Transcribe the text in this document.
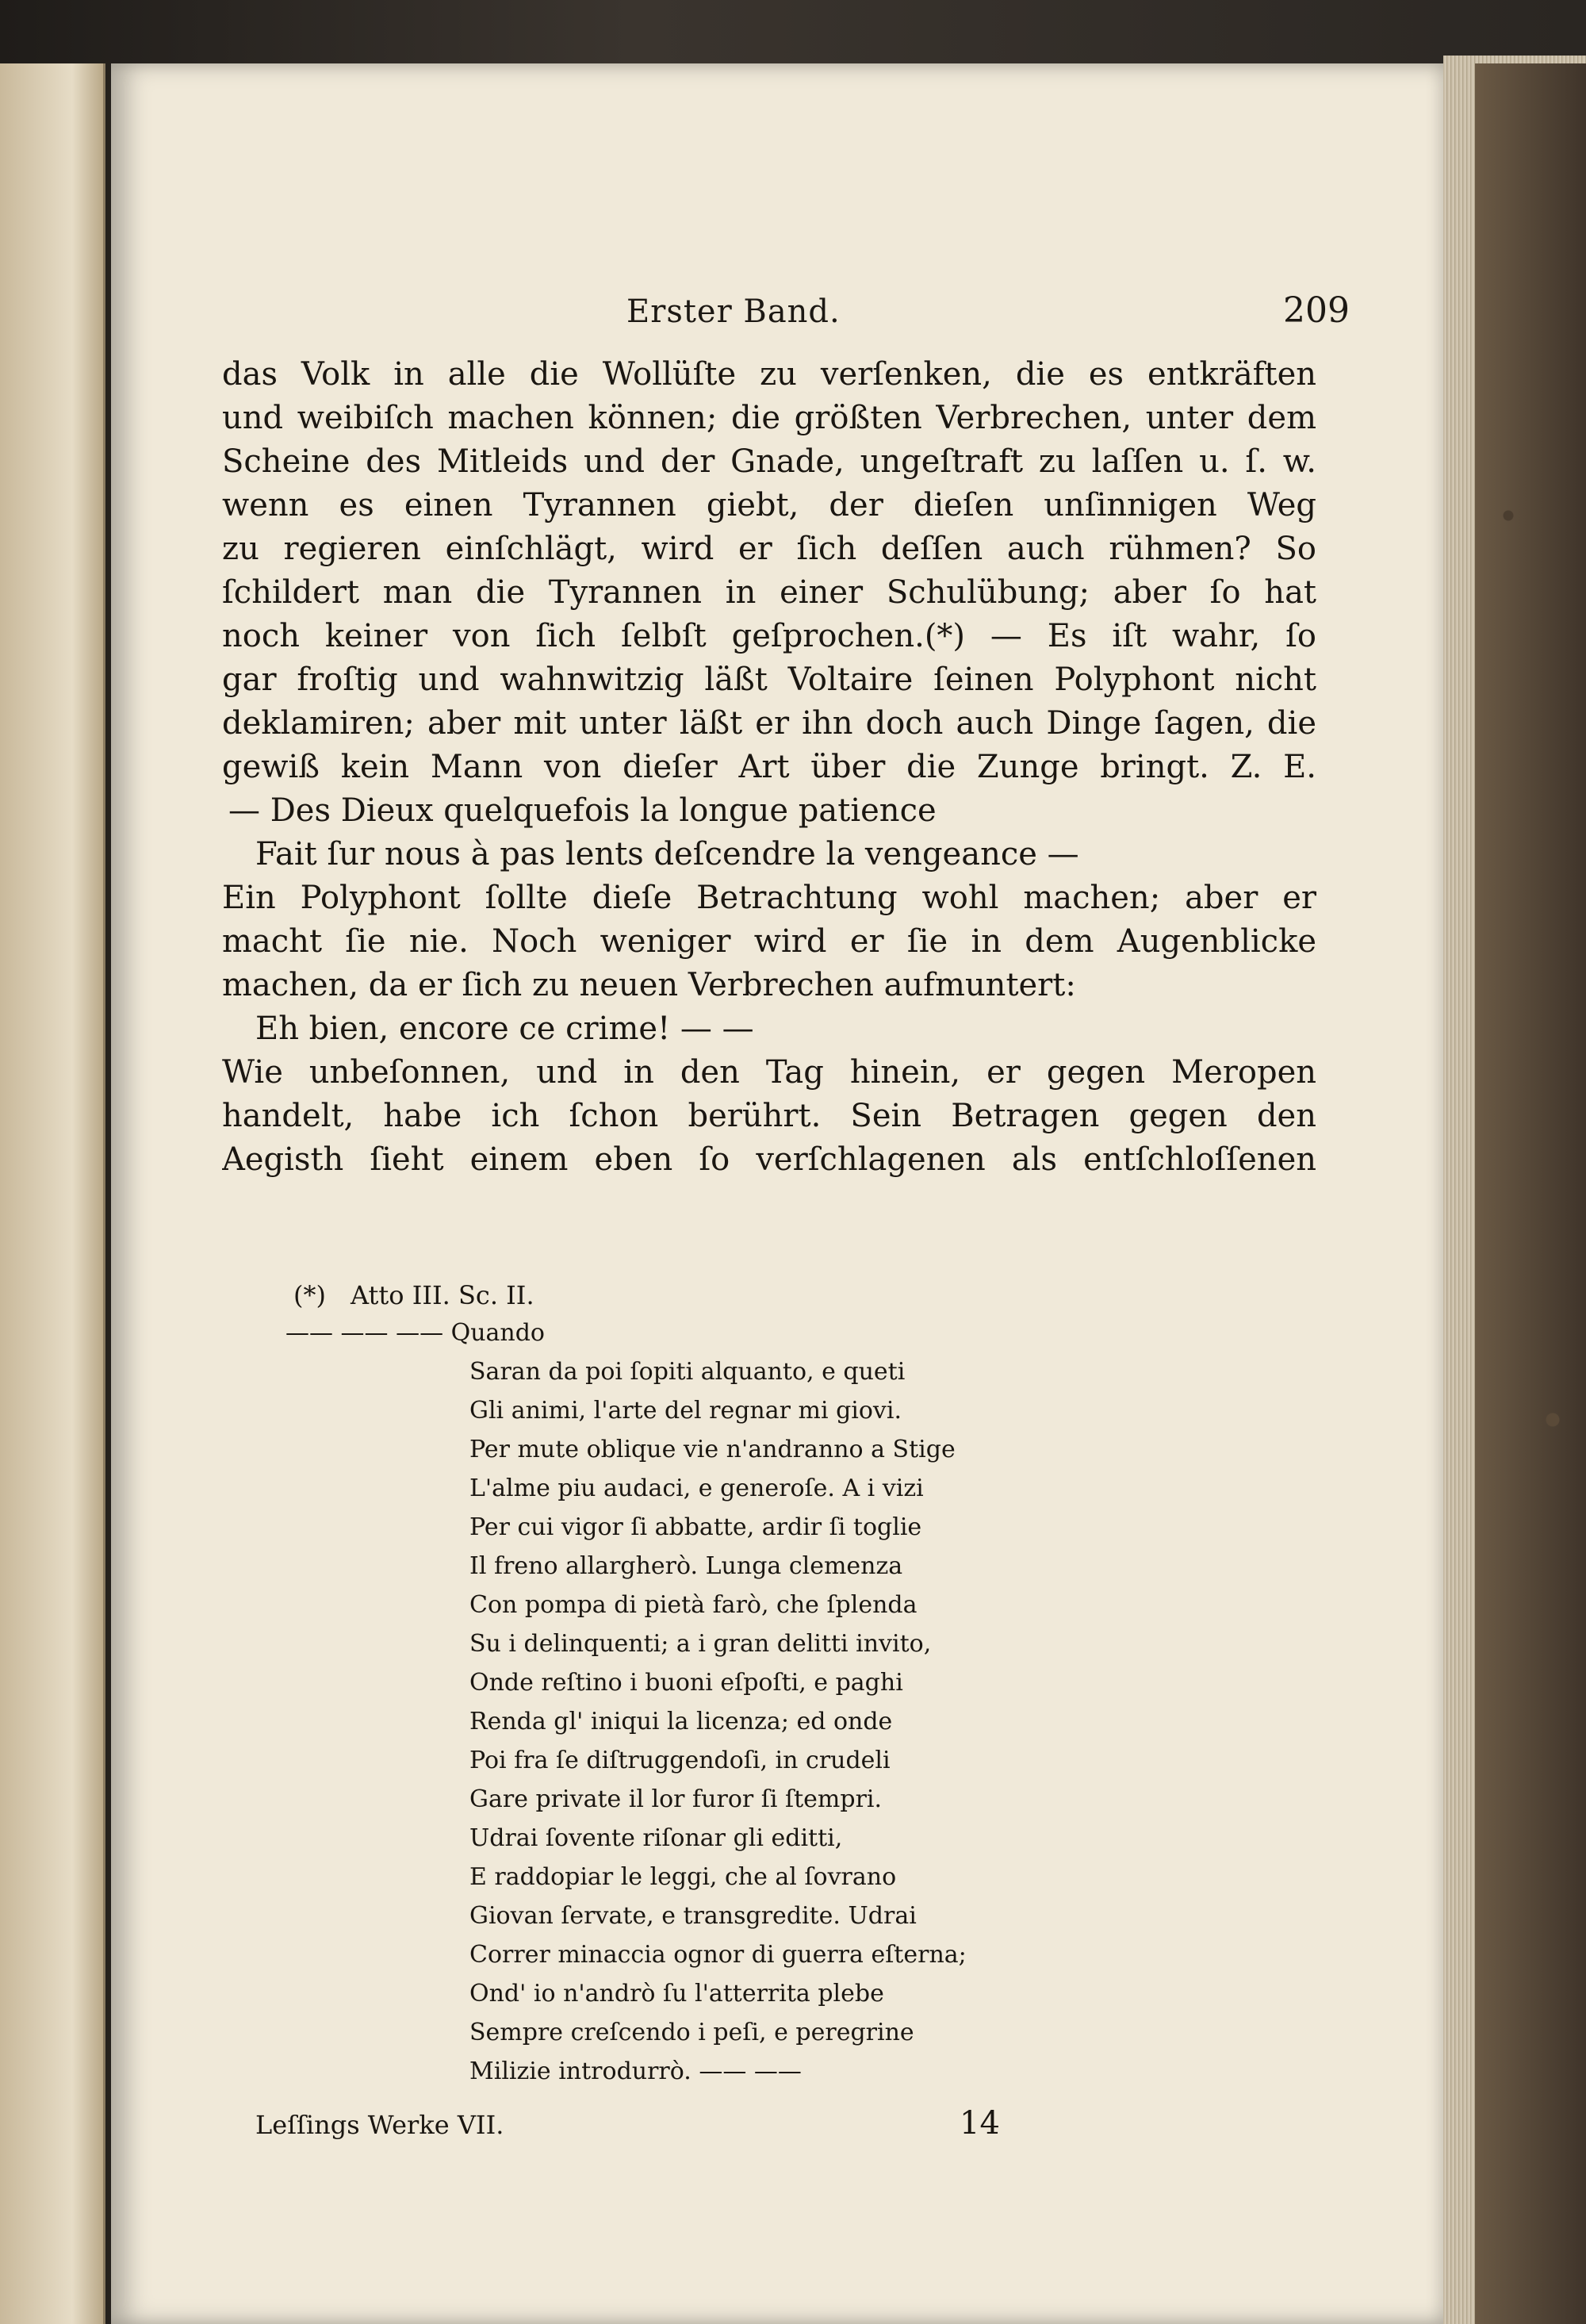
Erster Band.	209
das Volk in alle die Wollüſte zu verſenken, die es entkräften
und weibiſch machen können; die größten Verbrechen, unter dem
Scheine des Mitleids und der Gnade, ungeſtraft zu laſſen u. ſ. w.
wenn es einen Tyrannen giebt, der dieſen unſinnigen Weg
zu regieren einſchlägt, wird er ſich deſſen auch rühmen? So
ſchildert man die Tyrannen in einer Schulübung; aber ſo hat
noch keiner von ſich ſelbſt geſprochen.(*) — Es iſt wahr, ſo
gar froſtig und wahnwitzig läßt Voltaire ſeinen Polyphont nicht
deklamiren; aber mit unter läßt er ihn doch auch Dinge ſagen, die
gewiß kein Mann von dieſer Art über die Zunge bringt. Z. E.
— Des Dieux quelquefois la longue patience
Fait ſur nous à pas lents deſcendre la vengeance —
Ein Polyphont ſollte dieſe Betrachtung wohl machen; aber er
macht ſie nie. Noch weniger wird er ſie in dem Augenblicke
machen, da er ſich zu neuen Verbrechen aufmuntert:
Eh bien, encore ce crime! — —
Wie unbeſonnen, und in den Tag hinein, er gegen Meropen
handelt, habe ich ſchon berührt. Sein Betragen gegen den
Aegisth ſieht einem eben ſo verſchlagenen als entſchloſſenen
(*) Atto III. Sc. II.
—— —— —— Quando
Saran da poi ſopiti alquanto, e queti
Gli animi, l'arte del regnar mi giovi.
Per mute oblique vie n'andranno a Stige
L'alme piu audaci, e generoſe. A i vizi
Per cui vigor ſi abbatte, ardir ſi toglie
Il freno allargherò. Lunga clemenza
Con pompa di pietà farò, che ſplenda
Su i delinquenti; a i gran delitti invito,
Onde reſtino i buoni eſpoſti, e paghi
Renda gl' iniqui la licenza; ed onde
Poi fra ſe diſtruggendoſi, in crudeli
Gare private il lor furor ſi ſtempri.
Udrai ſovente riſonar gli editti,
E raddopiar le leggi, che al ſovrano
Giovan ſervate, e transgredite. Udrai
Correr minaccia ognor di guerra eſterna;
Ond' io n'andrò ſu l'atterrita plebe
Sempre creſcendo i peſi, e peregrine
Milizie introdurrò. —— ——
Leſſings Werke VII.	14
